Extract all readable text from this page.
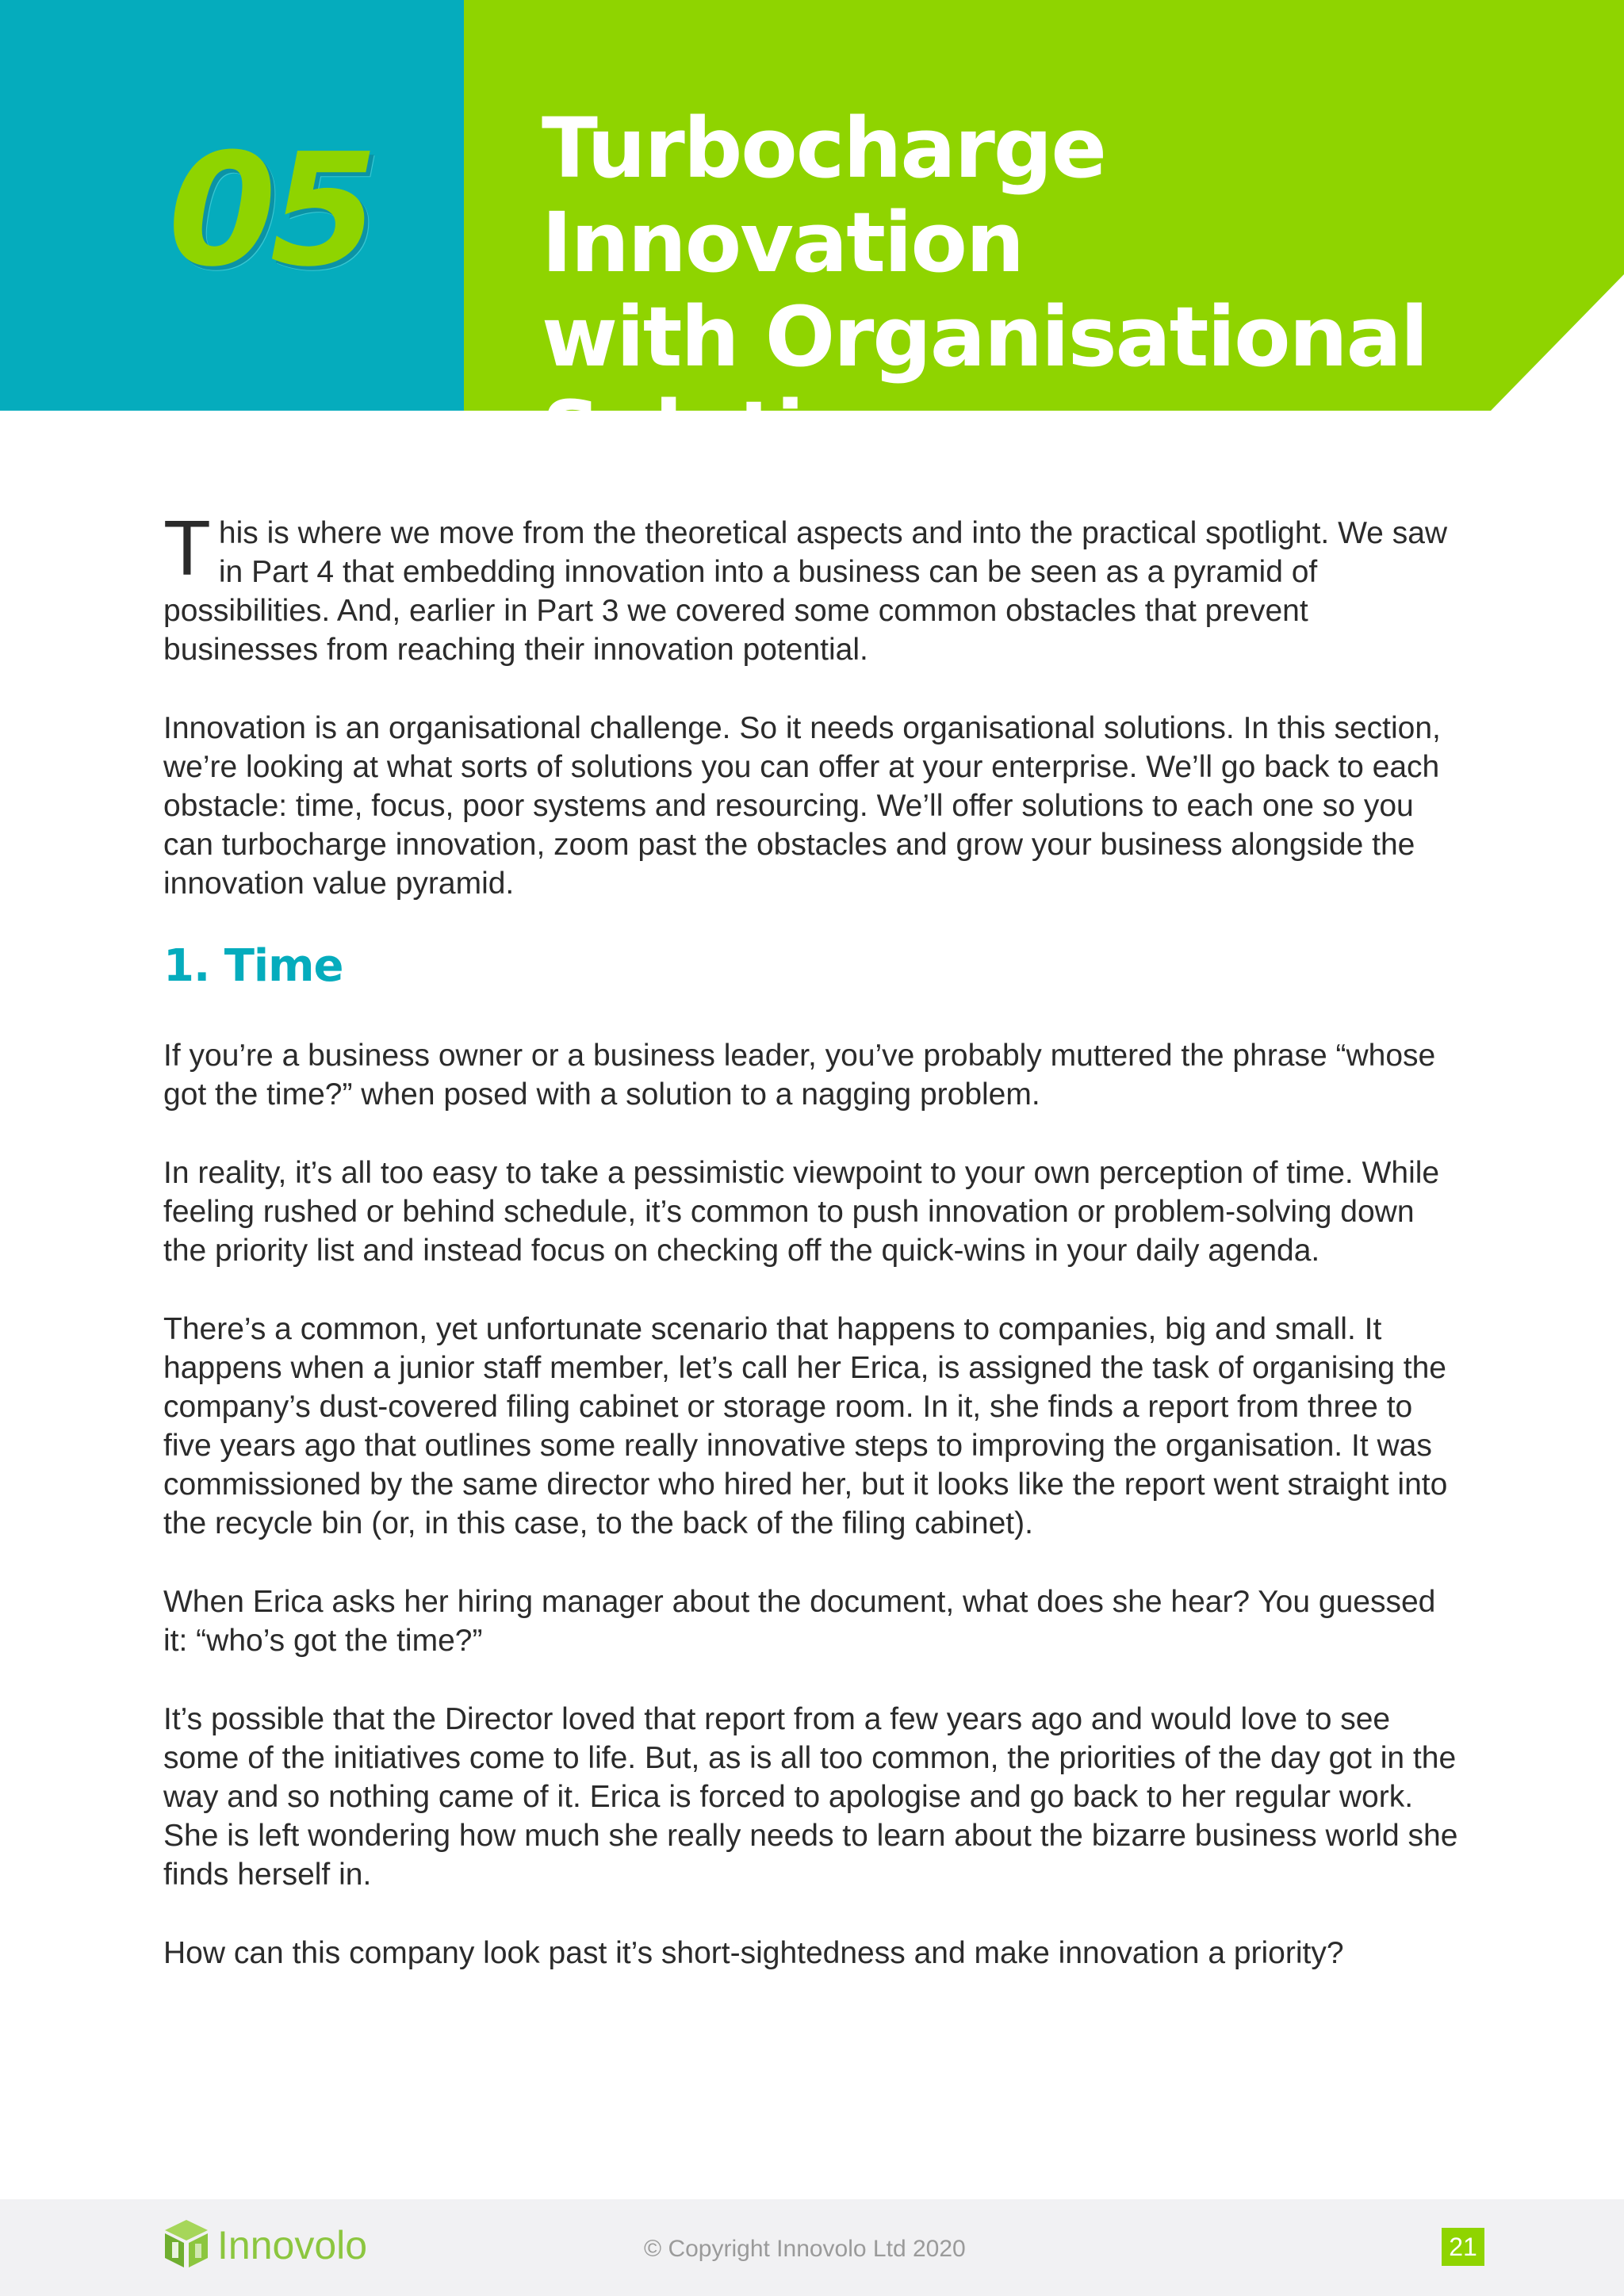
05 Turbocharge Innovation
with Organisational
Solutions

This is where we move from the theoretical aspects and into the practical spotlight. We saw in Part 4 that embedding innovation into a business can be seen as a pyramid of possibilities. And, earlier in Part 3 we covered some common obstacles that prevent businesses from reaching their innovation potential.

Innovation is an organisational challenge. So it needs organisational solutions. In this section, we’re looking at what sorts of solutions you can offer at your enterprise. We’ll go back to each obstacle: time, focus, poor systems and resourcing. We’ll offer solutions to each one so you can turbocharge innovation, zoom past the obstacles and grow your business alongside the innovation value pyramid.

1. Time

If you’re a business owner or a business leader, you’ve probably muttered the phrase “whose got the time?” when posed with a solution to a nagging problem.

In reality, it’s all too easy to take a pessimistic viewpoint to your own perception of time. While feeling rushed or behind schedule, it’s common to push innovation or problem-solving down the priority list and instead focus on checking off the quick-wins in your daily agenda.

There’s a common, yet unfortunate scenario that happens to companies, big and small. It happens when a junior staff member, let’s call her Erica, is assigned the task of organising the company’s dust-covered filing cabinet or storage room. In it, she finds a report from three to five years ago that outlines some really innovative steps to improving the organisation. It was commissioned by the same director who hired her, but it looks like the report went straight into the recycle bin (or, in this case, to the back of the filing cabinet).

When Erica asks her hiring manager about the document, what does she hear? You guessed it: “who’s got the time?”

It’s possible that the Director loved that report from a few years ago and would love to see some of the initiatives come to life. But, as is all too common, the priorities of the day got in the way and so nothing came of it. Erica is forced to apologise and go back to her regular work. She is left wondering how much she really needs to learn about the bizarre business world she finds herself in.

How can this company look past it’s short-sightedness and make innovation a priority?

Innovolo	© Copyright Innovolo Ltd 2020	21
